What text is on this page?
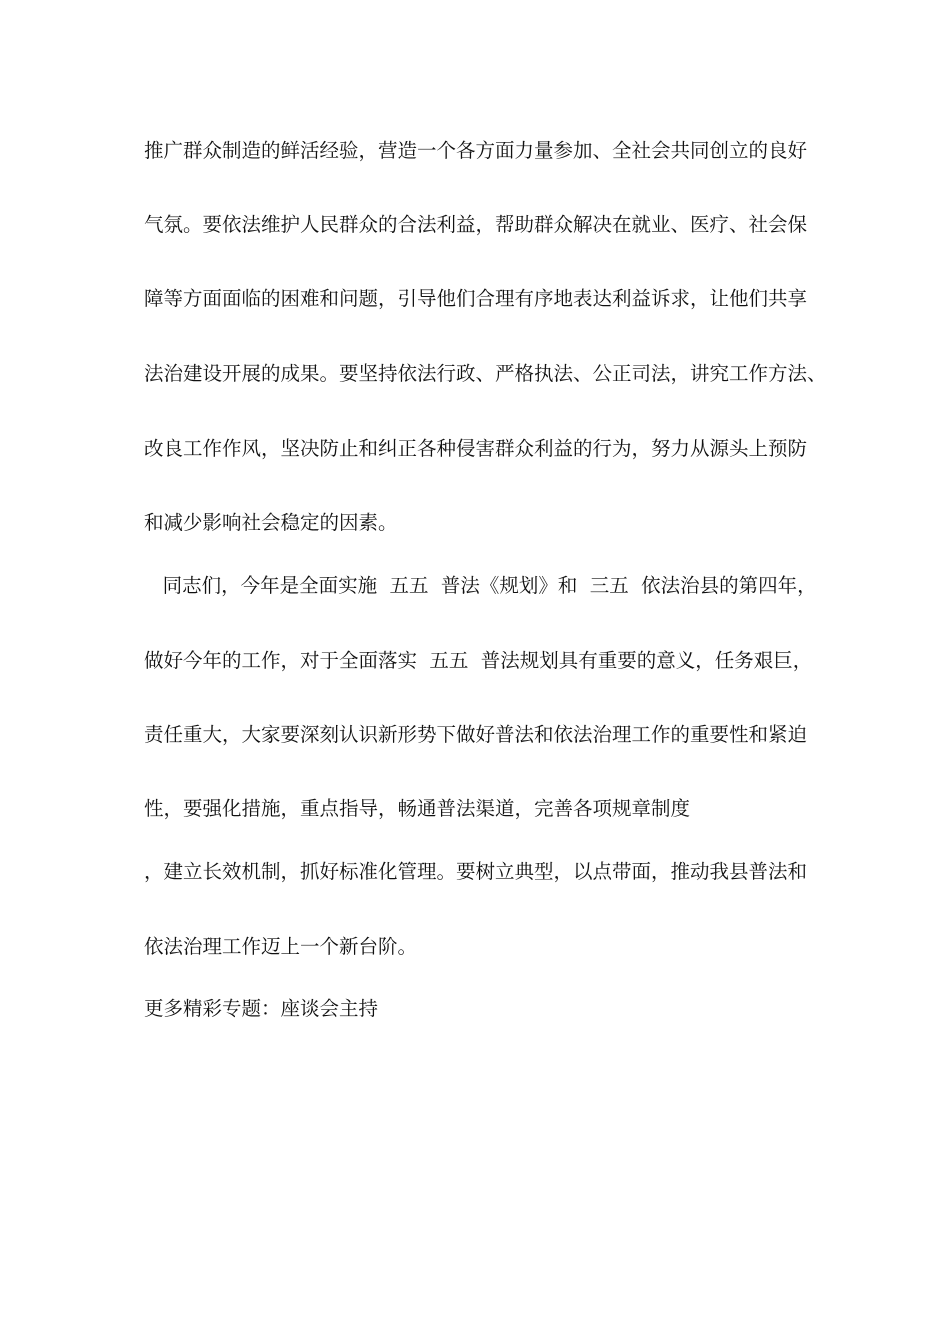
推广群众制造的鲜活经验，营造一个各方面力量参加、全社会共同创立的良好
气氛。要依法维护人民群众的合法利益，帮助群众解决在就业、医疗、社会保
障等方面面临的困难和问题，引导他们合理有序地表达利益诉求，让他们共享
法治建设开展的成果。要坚持依法行政、严格执法、公正司法，讲究工作方法、
改良工作作风，坚决防止和纠正各种侵害群众利益的行为，努力从源头上预防
和减少影响社会稳定的因素。
同志们，今年是全面实施  五五  普法《规划》和  三五  依法治县的第四年，
做好今年的工作，对于全面落实  五五  普法规划具有重要的意义，任务艰巨，
责任重大，大家要深刻认识新形势下做好普法和依法治理工作的重要性和紧迫
性，要强化措施，重点指导，畅通普法渠道，完善各项规章制度
，建立长效机制，抓好标准化管理。要树立典型，以点带面，推动我县普法和
依法治理工作迈上一个新台阶。
更多精彩专题：座谈会主持
